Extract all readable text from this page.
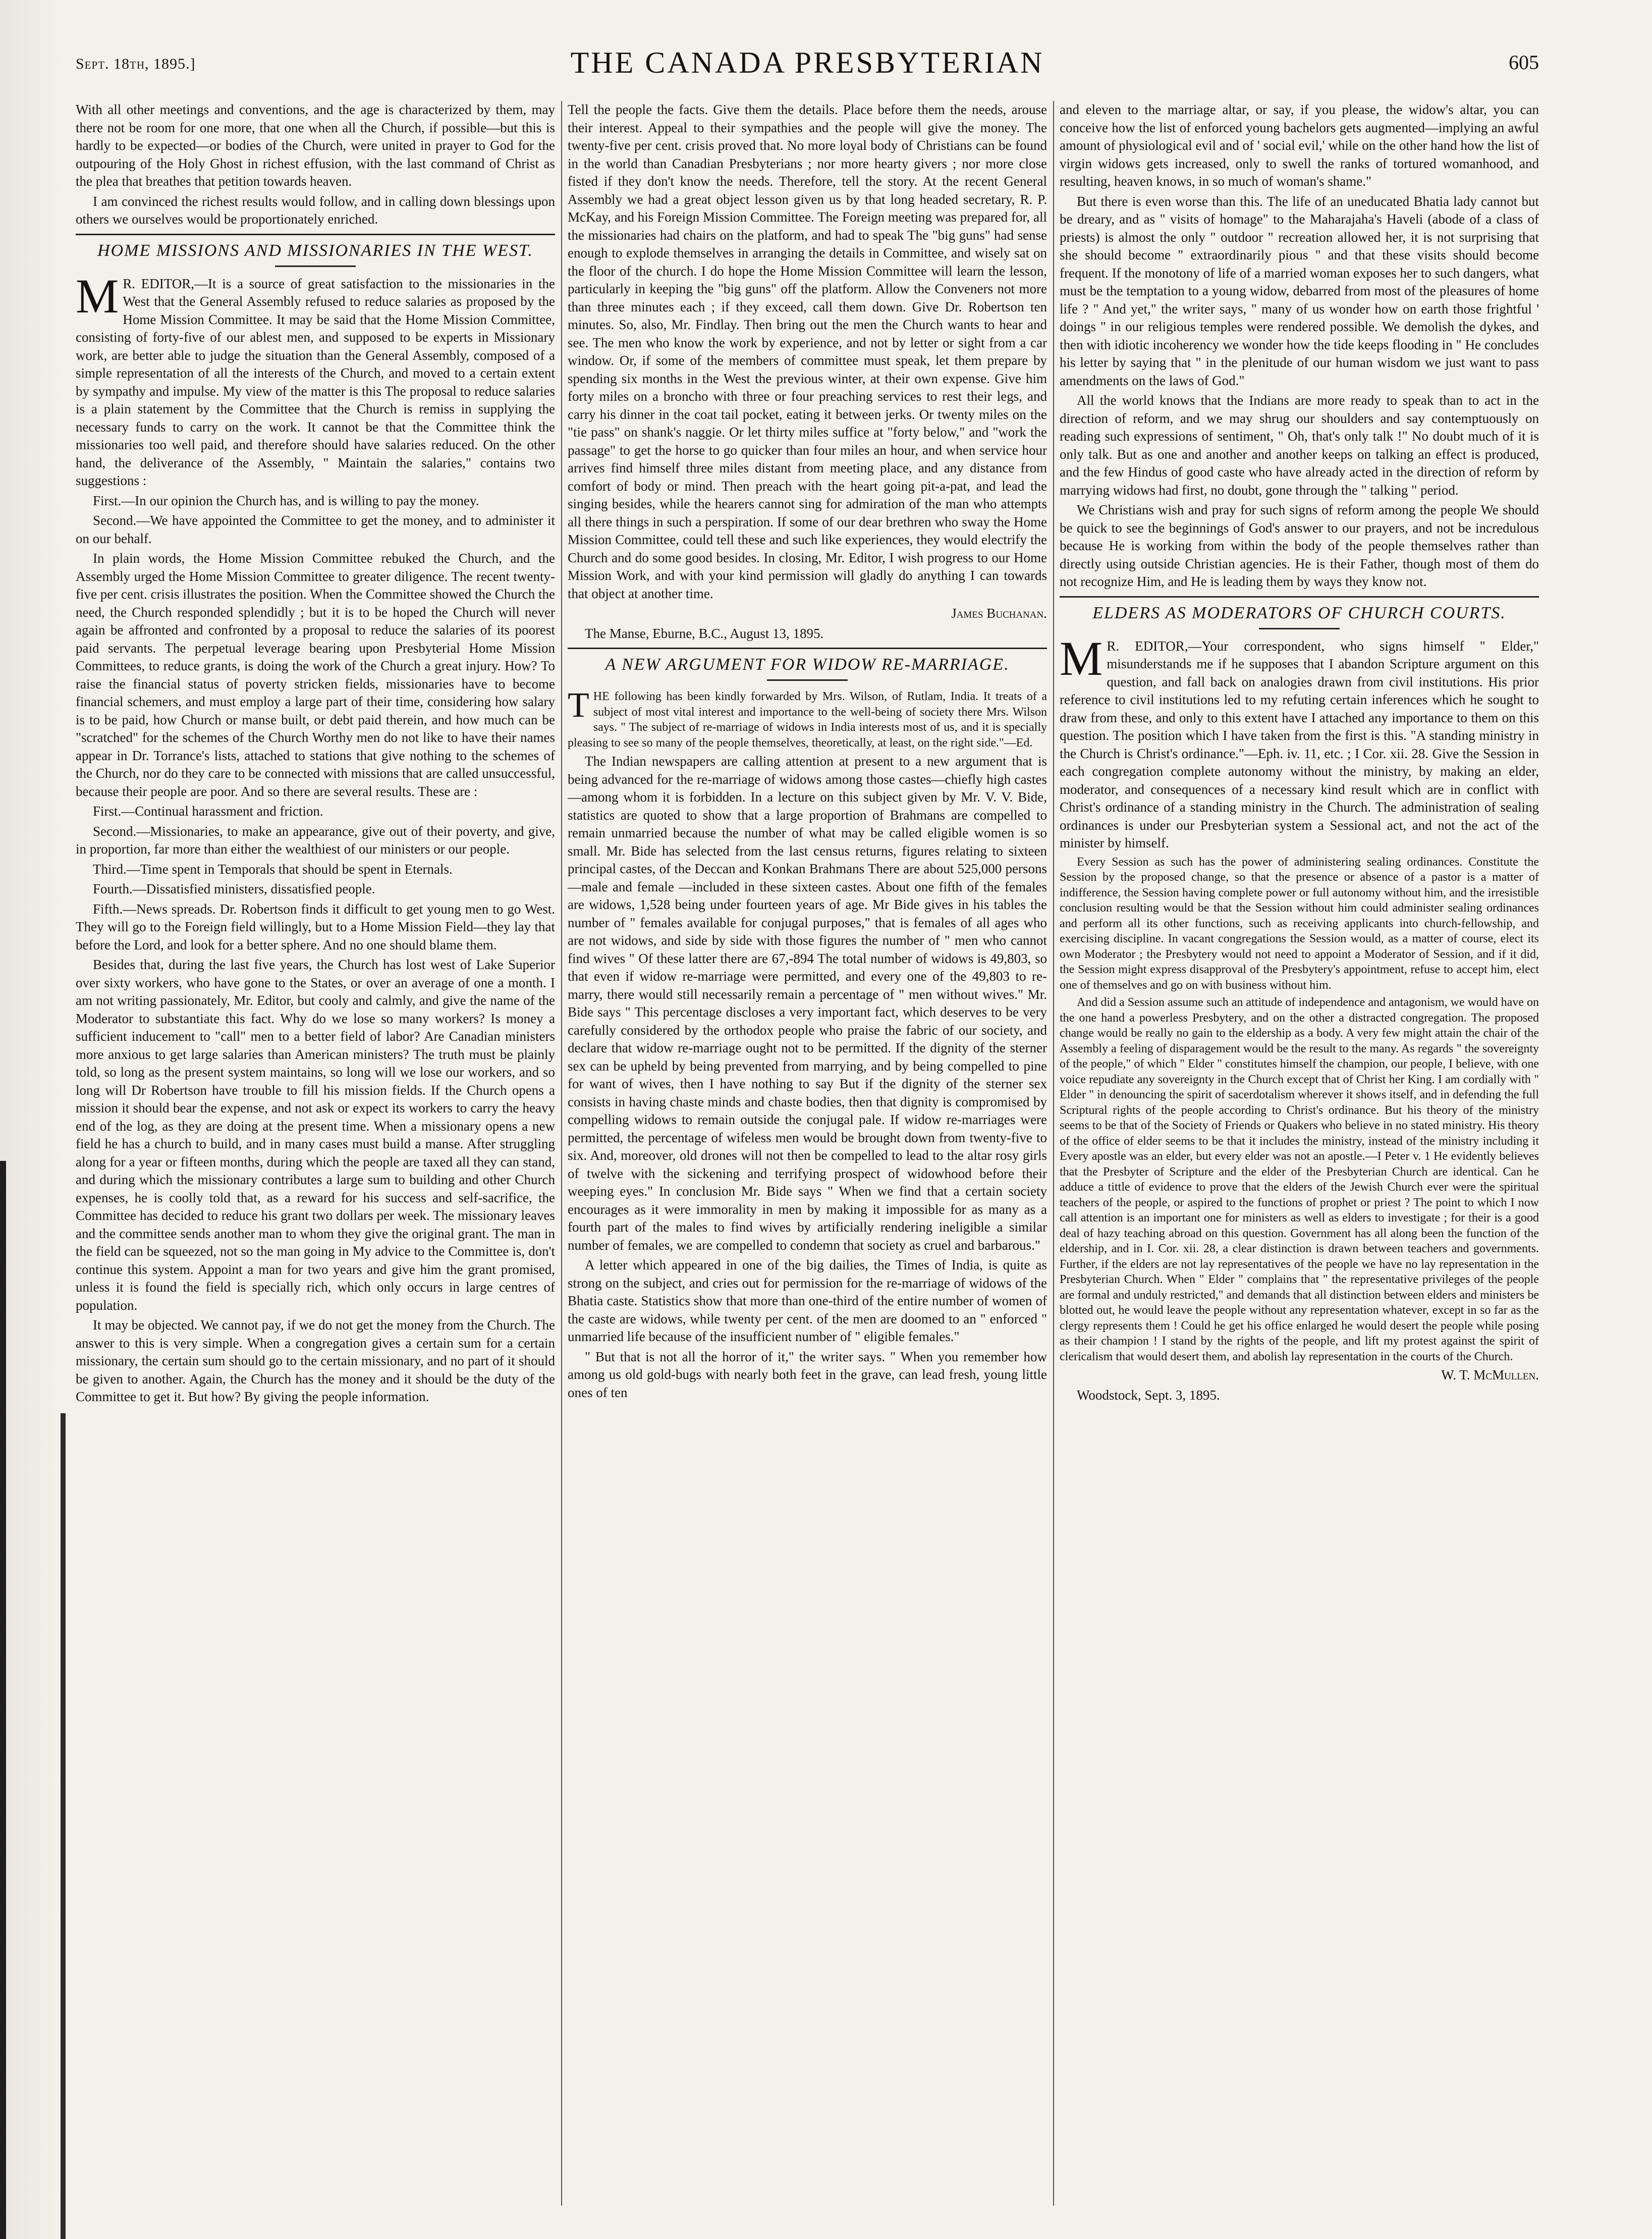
Sept. 18th, 1895.]	THE CANADA PRESBYTERIAN	605

With all other meetings and conventions, and the age is characterized by them, may there not be room for one more, that one when all the Church, if possible—but this is hardly to be expected—or bodies of the Church, were united in prayer to God for the outpouring of the Holy Ghost in richest effusion, with the last command of Christ as the plea that breathes that petition towards heaven.

I am convinced the richest results would follow, and in calling down blessings upon others we ourselves would be proportionately enriched.

HOME MISSIONS AND MISSIONARIES IN THE WEST.

M R. EDITOR,—It is a source of great satisfaction to the missionaries in the West that the General Assembly refused to reduce salaries as proposed by the Home Mission Committee. It may be said that the Home Mission Committee, consisting of forty-five of our ablest men, and supposed to be experts in Missionary work, are better able to judge the situation than the General Assembly, composed of a simple representation of all the interests of the Church, and moved to a certain extent by sympathy and impulse. My view of the matter is this The proposal to reduce salaries is a plain statement by the Committee that the Church is remiss in supplying the necessary funds to carry on the work. It cannot be that the Committee think the missionaries too well paid, and therefore should have salaries reduced. On the other hand, the deliverance of the Assembly, " Maintain the salaries," contains two suggestions :

First.—In our opinion the Church has, and is willing to pay the money.

Second.—We have appointed the Committee to get the money, and to administer it on our behalf.

In plain words, the Home Mission Committee rebuked the Church, and the Assembly urged the Home Mission Committee to greater diligence. The recent twenty-five per cent. crisis illustrates the position. When the Committee showed the Church the need, the Church responded splendidly ; but it is to be hoped the Church will never again be affronted and confronted by a proposal to reduce the salaries of its poorest paid servants. The perpetual leverage bearing upon Presbyterial Home Mission Committees, to reduce grants, is doing the work of the Church a great injury. How? To raise the financial status of poverty stricken fields, missionaries have to become financial schemers, and must employ a large part of their time, considering how salary is to be paid, how Church or manse built, or debt paid therein, and how much can be "scratched" for the schemes of the Church Worthy men do not like to have their names appear in Dr. Torrance's lists, attached to stations that give nothing to the schemes of the Church, nor do they care to be connected with missions that are called unsuccessful, because their people are poor. And so there are several results. These are :

First.—Continual harassment and friction.

Second.—Missionaries, to make an appearance, give out of their poverty, and give, in proportion, far more than either the wealthiest of our ministers or our people.

Third.—Time spent in Temporals that should be spent in Eternals.

Fourth.—Dissatisfied ministers, dissatisfied people.

Fifth.—News spreads. Dr. Robertson finds it difficult to get young men to go West. They will go to the Foreign field willingly, but to a Home Mission Field—they lay that before the Lord, and look for a better sphere. And no one should blame them.

Besides that, during the last five years, the Church has lost west of Lake Superior over sixty workers, who have gone to the States, or over an average of one a month. I am not writing passionately, Mr. Editor, but cooly and calmly, and give the name of the Moderator to substantiate this fact. Why do we lose so many workers? Is money a sufficient inducement to "call" men to a better field of labor? Are Canadian ministers more anxious to get large salaries than American ministers? The truth must be plainly told, so long as the present system maintains, so long will we lose our workers, and so long will Dr Robertson have trouble to fill his mission fields. If the Church opens a mission it should bear the expense, and not ask or expect its workers to carry the heavy end of the log, as they are doing at the present time. When a missionary opens a new field he has a church to build, and in many cases must build a manse. After struggling along for a year or fifteen months, during which the people are taxed all they can stand, and during which the missionary contributes a large sum to building and other Church expenses, he is coolly told that, as a reward for his success and self-sacrifice, the Committee has decided to reduce his grant two dollars per week. The missionary leaves and the committee sends another man to whom they give the original grant. The man in the field can be squeezed, not so the man going in My advice to the Committee is, don't continue this system. Appoint a man for two years and give him the grant promised, unless it is found the field is specially rich, which only occurs in large centres of population.

It may be objected. We cannot pay, if we do not get the money from the Church. The answer to this is very simple. When a congregation gives a certain sum for a certain missionary, the certain sum should go to the certain missionary, and no part of it should be given to another. Again, the Church has the money and it should be the duty of the Committee to get it. But how? By giving the people information.

Tell the people the facts. Give them the details. Place before them the needs, arouse their interest. Appeal to their sympathies and the people will give the money. The twenty-five per cent. crisis proved that. No more loyal body of Christians can be found in the world than Canadian Presbyterians ; nor more hearty givers ; nor more close fisted if they don't know the needs. Therefore, tell the story. At the recent General Assembly we had a great object lesson given us by that long headed secretary, R. P. McKay, and his Foreign Mission Committee. The Foreign meeting was prepared for, all the missionaries had chairs on the platform, and had to speak The "big guns" had sense enough to explode themselves in arranging the details in Committee, and wisely sat on the floor of the church. I do hope the Home Mission Committee will learn the lesson, particularly in keeping the "big guns" off the platform. Allow the Conveners not more than three minutes each ; if they exceed, call them down. Give Dr. Robertson ten minutes. So, also, Mr. Findlay. Then bring out the men the Church wants to hear and see. The men who know the work by experience, and not by letter or sight from a car window. Or, if some of the members of committee must speak, let them prepare by spending six months in the West the previous winter, at their own expense. Give him forty miles on a broncho with three or four preaching services to rest their legs, and carry his dinner in the coat tail pocket, eating it between jerks. Or twenty miles on the "tie pass" on shank's naggie. Or let thirty miles suffice at "forty below," and "work the passage" to get the horse to go quicker than four miles an hour, and when service hour arrives find himself three miles distant from meeting place, and any distance from comfort of body or mind. Then preach with the heart going pit-a-pat, and lead the singing besides, while the hearers cannot sing for admiration of the man who attempts all there things in such a perspiration. If some of our dear brethren who sway the Home Mission Committee, could tell these and such like experiences, they would electrify the Church and do some good besides. In closing, Mr. Editor, I wish progress to our Home Mission Work, and with your kind permission will gladly do anything I can towards that object at another time.

James Buchanan.

The Manse, Eburne, B.C., August 13, 1895.

A NEW ARGUMENT FOR WIDOW RE-MARRIAGE.

THE following has been kindly forwarded by Mrs. Wilson, of Rutlam, India. It treats of a subject of most vital interest and importance to the well-being of society there Mrs. Wilson says. " The subject of re-marriage of widows in India interests most of us, and it is specially pleasing to see so many of the people themselves, theoretically, at least, on the right side."—Ed.

The Indian newspapers are calling attention at present to a new argument that is being advanced for the re-marriage of widows among those castes—chiefly high castes—among whom it is forbidden. In a lecture on this subject given by Mr. V. V. Bide, statistics are quoted to show that a large proportion of Brahmans are compelled to remain unmarried because the number of what may be called eligible women is so small. Mr. Bide has selected from the last census returns, figures relating to sixteen principal castes, of the Deccan and Konkan Brahmans There are about 525,000 persons—male and female —included in these sixteen castes. About one fifth of the females are widows, 1,528 being under fourteen years of age. Mr Bide gives in his tables the number of " females available for conjugal purposes," that is females of all ages who are not widows, and side by side with those figures the number of " men who cannot find wives " Of these latter there are 67,-894 The total number of widows is 49,803, so that even if widow re-marriage were permitted, and every one of the 49,803 to re-marry, there would still necessarily remain a percentage of " men without wives." Mr. Bide says " This percentage discloses a very important fact, which deserves to be very carefully considered by the orthodox people who praise the fabric of our society, and declare that widow re-marriage ought not to be permitted. If the dignity of the sterner sex can be upheld by being prevented from marrying, and by being compelled to pine for want of wives, then I have nothing to say But if the dignity of the sterner sex consists in having chaste minds and chaste bodies, then that dignity is compromised by compelling widows to remain outside the conjugal pale. If widow re-marriages were permitted, the percentage of wifeless men would be brought down from twenty-five to six. And, moreover, old drones will not then be compelled to lead to the altar rosy girls of twelve with the sickening and terrifying prospect of widowhood before their weeping eyes." In conclusion Mr. Bide says " When we find that a certain society encourages as it were immorality in men by making it impossible for as many as a fourth part of the males to find wives by artificially rendering ineligible a similar number of females, we are compelled to condemn that society as cruel and barbarous."

A letter which appeared in one of the big dailies, the Times of India, is quite as strong on the subject, and cries out for permission for the re-marriage of widows of the Bhatia caste. Statistics show that more than one-third of the entire number of women of the caste are widows, while twenty per cent. of the men are doomed to an " enforced " unmarried life because of the insufficient number of " eligible females."

" But that is not all the horror of it," the writer says. " When you remember how among us old gold-bugs with nearly both feet in the grave, can lead fresh, young little ones of ten

and eleven to the marriage altar, or say, if you please, the widow's altar, you can conceive how the list of enforced young bachelors gets augmented—implying an awful amount of physiological evil and of ' social evil,' while on the other hand how the list of virgin widows gets increased, only to swell the ranks of tortured womanhood, and resulting, heaven knows, in so much of woman's shame."

But there is even worse than this. The life of an uneducated Bhatia lady cannot but be dreary, and as " visits of homage" to the Maharajaha's Haveli (abode of a class of priests) is almost the only " outdoor " recreation allowed her, it is not surprising that she should become " extraordinarily pious " and that these visits should become frequent. If the monotony of life of a married woman exposes her to such dangers, what must be the temptation to a young widow, debarred from most of the pleasures of home life ? " And yet," the writer says, " many of us wonder how on earth those frightful ' doings " in our religious temples were rendered possible. We demolish the dykes, and then with idiotic incoherency we wonder how the tide keeps flooding in " He concludes his letter by saying that " in the plenitude of our human wisdom we just want to pass amendments on the laws of God."

All the world knows that the Indians are more ready to speak than to act in the direction of reform, and we may shrug our shoulders and say contemptuously on reading such expressions of sentiment, " Oh, that's only talk !" No doubt much of it is only talk. But as one and another and another keeps on talking an effect is produced, and the few Hindus of good caste who have already acted in the direction of reform by marrying widows had first, no doubt, gone through the " talking " period.

We Christians wish and pray for such signs of reform among the people We should be quick to see the beginnings of God's answer to our prayers, and not be incredulous because He is working from within the body of the people themselves rather than directly using outside Christian agencies. He is their Father, though most of them do not recognize Him, and He is leading them by ways they know not.

ELDERS AS MODERATORS OF CHURCH COURTS.

M R. EDITOR,—Your correspondent, who signs himself " Elder," misunderstands me if he supposes that I abandon Scripture argument on this question, and fall back on analogies drawn from civil institutions. His prior reference to civil institutions led to my refuting certain inferences which he sought to draw from these, and only to this extent have I attached any importance to them on this question. The position which I have taken from the first is this. "A standing ministry in the Church is Christ's ordinance."—Eph. iv. 11, etc. ; I Cor. xii. 28. Give the Session in each congregation complete autonomy without the ministry, by making an elder, moderator, and consequences of a necessary kind result which are in conflict with Christ's ordinance of a standing ministry in the Church. The administration of sealing ordinances is under our Presbyterian system a Sessional act, and not the act of the minister by himself.

Every Session as such has the power of administering sealing ordinances. Constitute the Session by the proposed change, so that the presence or absence of a pastor is a matter of indifference, the Session having complete power or full autonomy without him, and the irresistible conclusion resulting would be that the Session without him could administer sealing ordinances and perform all its other functions, such as receiving applicants into church-fellowship, and exercising discipline. In vacant congregations the Session would, as a matter of course, elect its own Moderator ; the Presbytery would not need to appoint a Moderator of Session, and if it did, the Session might express disapproval of the Presbytery's appointment, refuse to accept him, elect one of themselves and go on with business without him.

And did a Session assume such an attitude of independence and antagonism, we would have on the one hand a powerless Presbytery, and on the other a distracted congregation. The proposed change would be really no gain to the eldership as a body. A very few might attain the chair of the Assembly a feeling of disparagement would be the result to the many. As regards " the sovereignty of the people," of which " Elder " constitutes himself the champion, our people, I believe, with one voice repudiate any sovereignty in the Church except that of Christ her King. I am cordially with " Elder " in denouncing the spirit of sacerdotalism wherever it shows itself, and in defending the full Scriptural rights of the people according to Christ's ordinance. But his theory of the ministry seems to be that of the Society of Friends or Quakers who believe in no stated ministry. His theory of the office of elder seems to be that it includes the ministry, instead of the ministry including it Every apostle was an elder, but every elder was not an apostle.—I Peter v. 1 He evidently believes that the Presbyter of Scripture and the elder of the Presbyterian Church are identical. Can he adduce a tittle of evidence to prove that the elders of the Jewish Church ever were the spiritual teachers of the people, or aspired to the functions of prophet or priest ? The point to which I now call attention is an important one for ministers as well as elders to investigate ; for their is a good deal of hazy teaching abroad on this question. Government has all along been the function of the eldership, and in I. Cor. xii. 28, a clear distinction is drawn between teachers and governments. Further, if the elders are not lay representatives of the people we have no lay representation in the Presbyterian Church. When " Elder " complains that " the representative privileges of the people are formal and unduly restricted," and demands that all distinction between elders and ministers be blotted out, he would leave the people without any representation whatever, except in so far as the clergy represents them ! Could he get his office enlarged he would desert the people while posing as their champion ! I stand by the rights of the people, and lift my protest against the spirit of clericalism that would desert them, and abolish lay representation in the courts of the Church.

W. T. McMullen.

Woodstock, Sept. 3, 1895.
